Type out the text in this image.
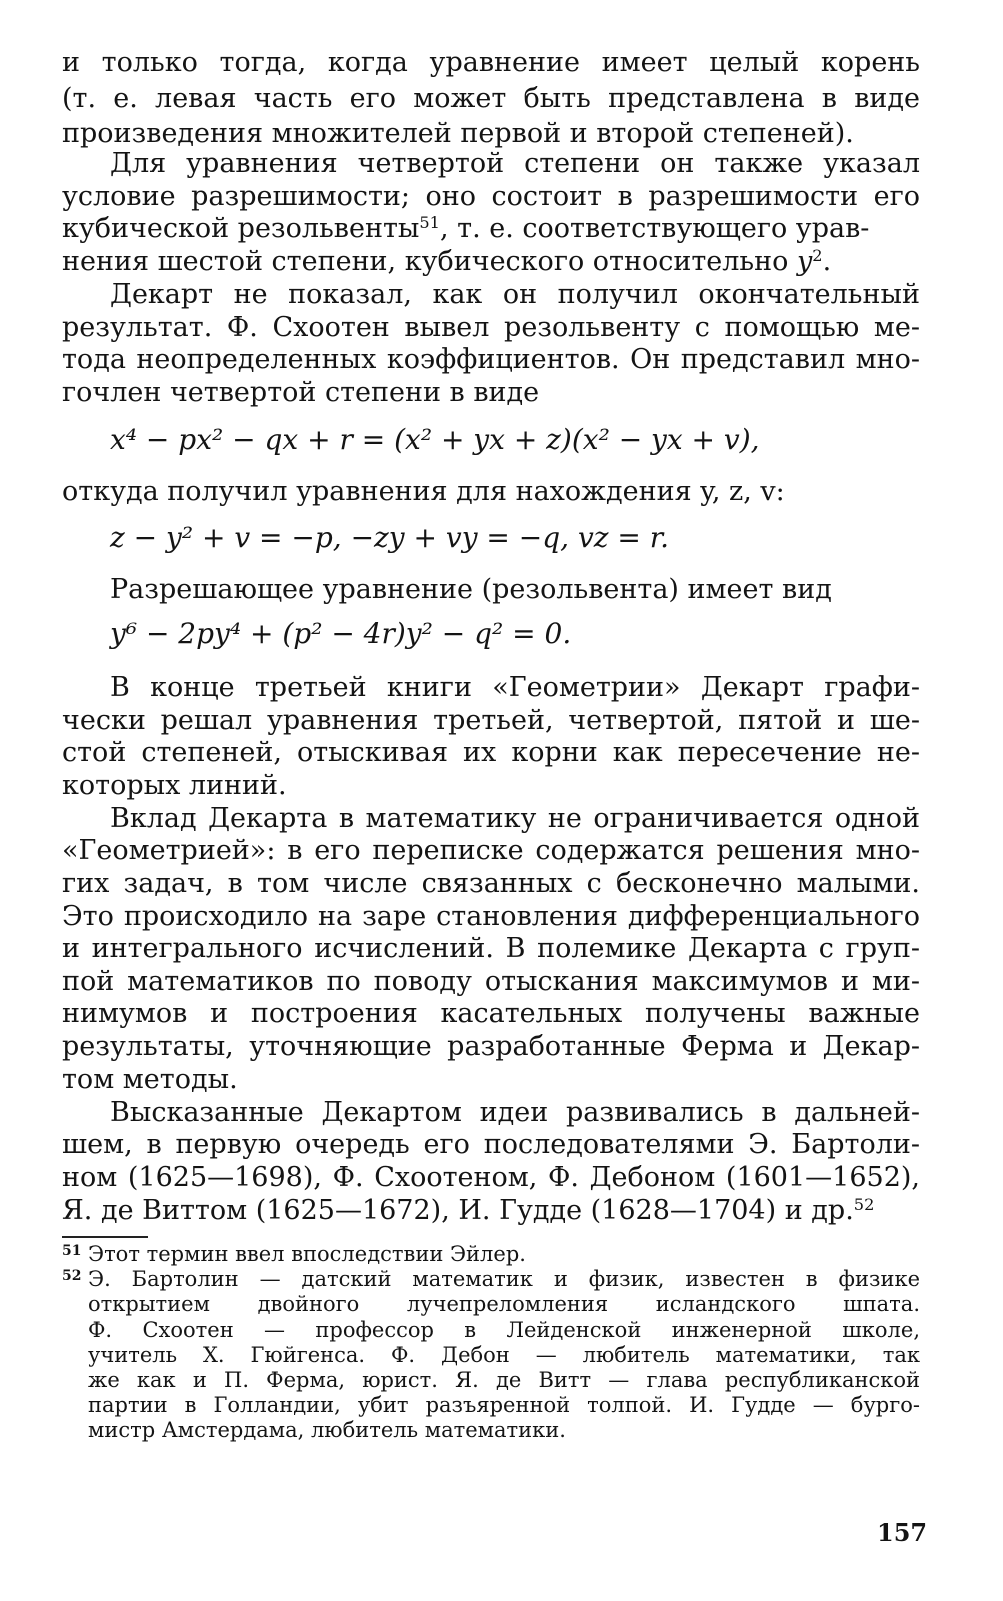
и только тогда, когда уравнение имеет целый корень
(т. е. левая часть его может быть представлена в виде
произведения множителей первой и второй степеней).
Для уравнения четвертой степени он также указал
условие разрешимости; оно состоит в разрешимости его
кубической резольвенты$^{51}$, т. е. соответствующего урав-
нения шестой степени, кубического относительно $y^2$.
Декарт не показал, как он получил окончательный
результат. Ф. Схоотен вывел резольвенту с помощью ме-
тода неопределенных коэффициентов. Он представил мно-
гочлен четвертой степени в виде
x⁴ − px² − qx + r = (x² + yx + z)(x² − yx + v),
откуда получил уравнения для нахождения y, z, v:
z − y² + v = −p, −zy + vy = −q, vz = r.
Разрешающее уравнение (резольвента) имеет вид
y⁶ − 2py⁴ + (p² − 4r)y² − q² = 0.
В конце третьей книги «Геометрии» Декарт графи-
чески решал уравнения третьей, четвертой, пятой и ше-
стой степеней, отыскивая их корни как пересечение не-
которых линий.
Вклад Декарта в математику не ограничивается одной
«Геометрией»: в его переписке содержатся решения мно-
гих задач, в том числе связанных с бесконечно малыми.
Это происходило на заре становления дифференциального
и интегрального исчислений. В полемике Декарта с груп-
пой математиков по поводу отыскания максимумов и ми-
нимумов и построения касательных получены важные
результаты, уточняющие разработанные Ферма и Декар-
том методы.
Высказанные Декартом идеи развивались в дальней-
шем, в первую очередь его последователями Э. Бартоли-
ном (1625—1698), Ф. Схоотеном, Ф. Дебоном (1601—1652),
Я. де Виттом (1625—1672), И. Гудде (1628—1704) и др.$^{52}$
51 Этот термин ввел впоследствии Эйлер.
52 Э. Бартолин — датский математик и физик, известен в физике
открытием двойного лучепреломления исландского шпата.
Ф. Схоотен — профессор в Лейденской инженерной школе,
учитель Х. Гюйгенса. Ф. Дебон — любитель математики, так
же как и П. Ферма, юрист. Я. де Витт — глава республиканской
партии в Голландии, убит разъяренной толпой. И. Гудде — бурго-
мистр Амстердама, любитель математики.
157
